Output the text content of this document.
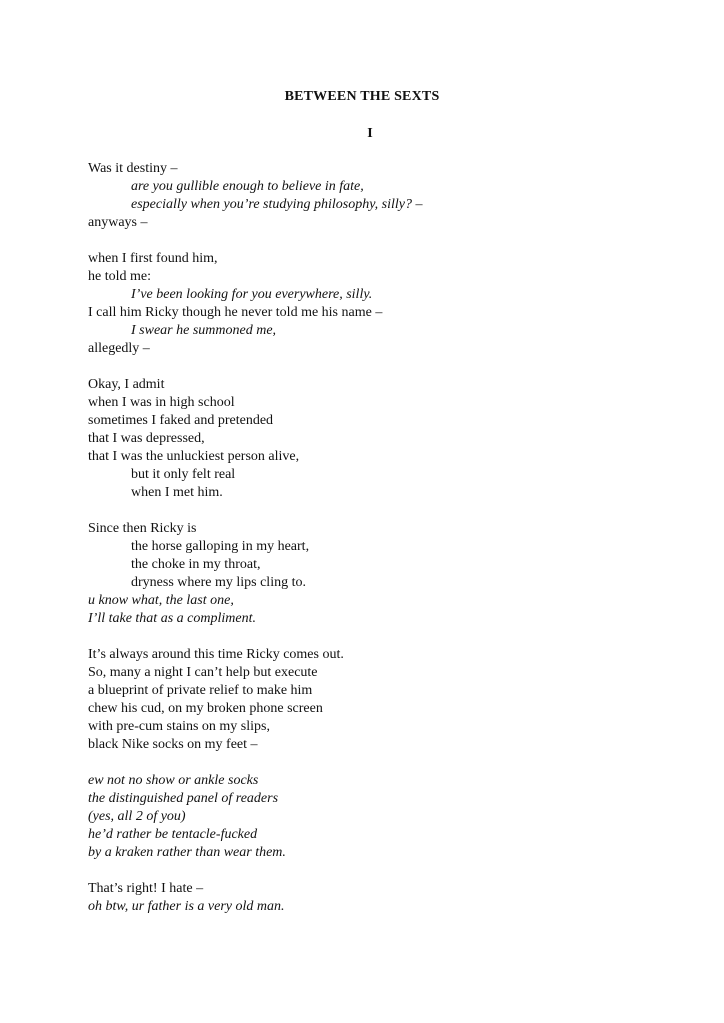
BETWEEN THE SEXTS
I
Was it destiny –
are you gullible enough to believe in fate,
especially when you’re studying philosophy, silly? –
anyways –
when I first found him,
he told me:
I’ve been looking for you everywhere, silly.
I call him Ricky though he never told me his name –
I swear he summoned me,
allegedly –
Okay, I admit
when I was in high school
sometimes I faked and pretended
that I was depressed,
that I was the unluckiest person alive,
but it only felt real
when I met him.
Since then Ricky is
the horse galloping in my heart,
the choke in my throat,
dryness where my lips cling to.
u know what, the last one,
I’ll take that as a compliment.
It’s always around this time Ricky comes out.
So, many a night I can’t help but execute
a blueprint of private relief to make him
chew his cud, on my broken phone screen
with pre-cum stains on my slips,
black Nike socks on my feet –
ew not no show or ankle socks
the distinguished panel of readers
(yes, all 2 of you)
he’d rather be tentacle-fucked
by a kraken rather than wear them.
That’s right! I hate –
oh btw, ur father is a very old man.
